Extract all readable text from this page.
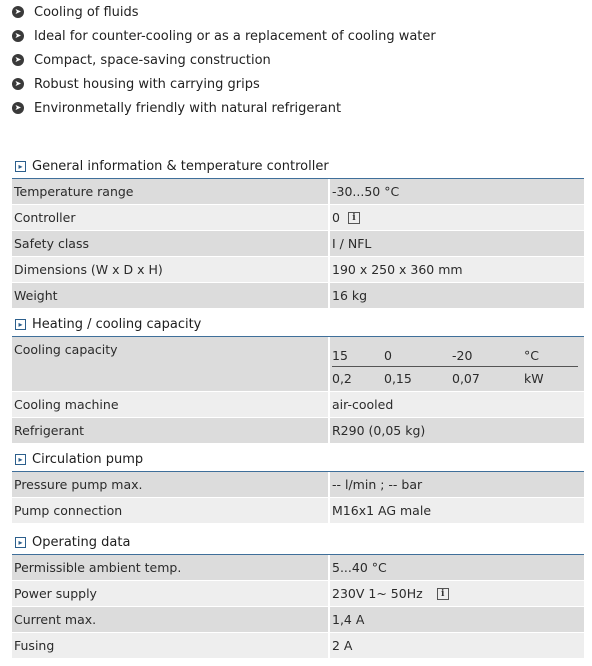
➤ Cooling of fluids
➤ Ideal for counter-cooling or as a replacement of cooling water
➤ Compact, space-saving construction
➤ Robust housing with carrying grips
➤ Environmetally friendly with natural refrigerant
▸ General information & temperature controller
Temperature range	-30...50 °C
Controller	0	i
Safety class	I / NFL
Dimensions (W x D x H)	190 x 250 x 360 mm
Weight	16 kg
▸ Heating / cooling capacity
Cooling capacity	15	0	-20	°C
0,2	0,15	0,07	kW
Cooling machine	air-cooled
Refrigerant	R290 (0,05 kg)
▸ Circulation pump
Pressure pump max.	-- l/min ; -- bar
Pump connection	M16x1 AG male
▸ Operating data
Permissible ambient temp.	5...40 °C
Power supply	230V 1~ 50Hz	i
Current max.	1,4 A
Fusing	2 A
